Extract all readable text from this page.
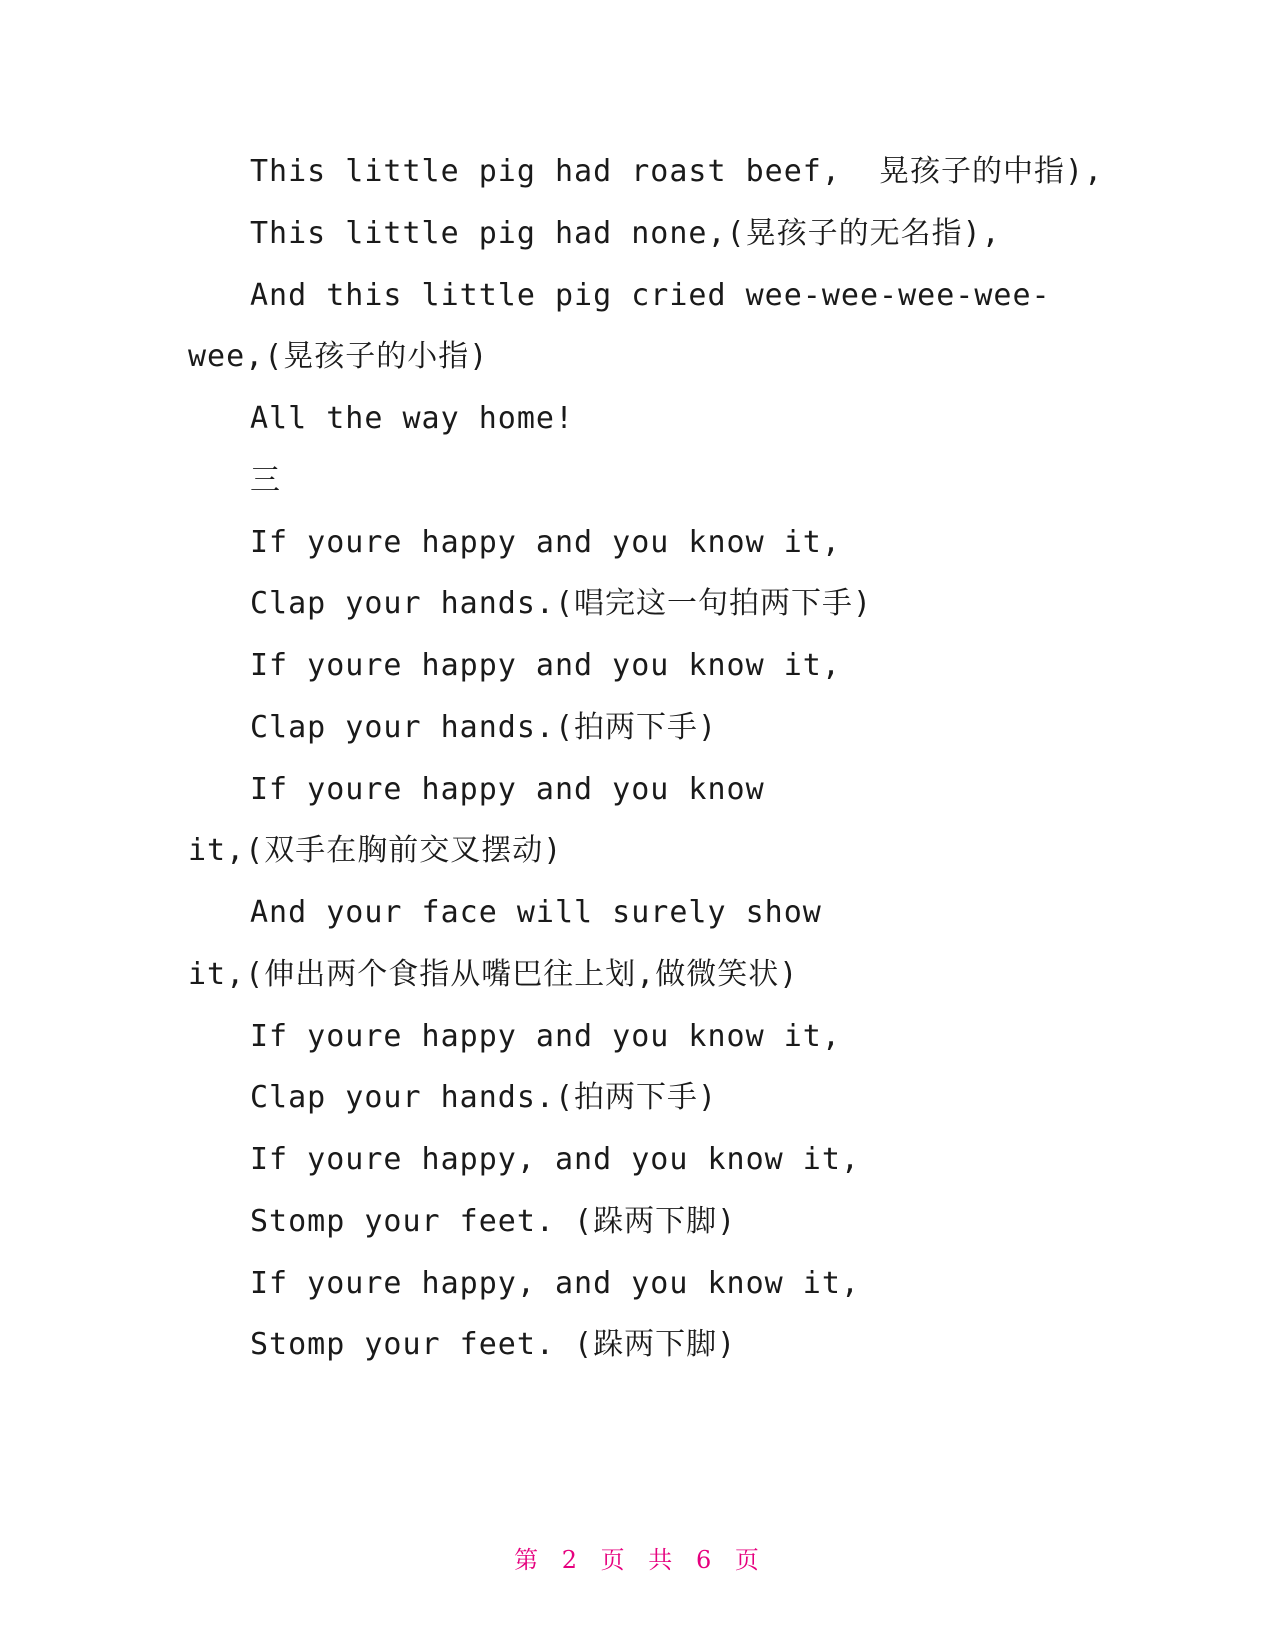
This little pig had roast beef,  晃孩子的中指),
This little pig had none,(晃孩子的无名指),
And this little pig cried wee-wee-wee-wee-
wee,(晃孩子的小指)
All the way home!
三
If youre happy and you know it,
Clap your hands.(唱完这一句拍两下手)
If youre happy and you know it,
Clap your hands.(拍两下手)
If youre happy and you know
it,(双手在胸前交叉摆动)
And your face will surely show
it,(伸出两个食指从嘴巴往上划,做微笑状)
If youre happy and you know it,
Clap your hands.(拍两下手)
If youre happy, and you know it,
Stomp your feet. (跺两下脚)
If youre happy, and you know it,
Stomp your feet. (跺两下脚)
第 2 页 共 6 页
